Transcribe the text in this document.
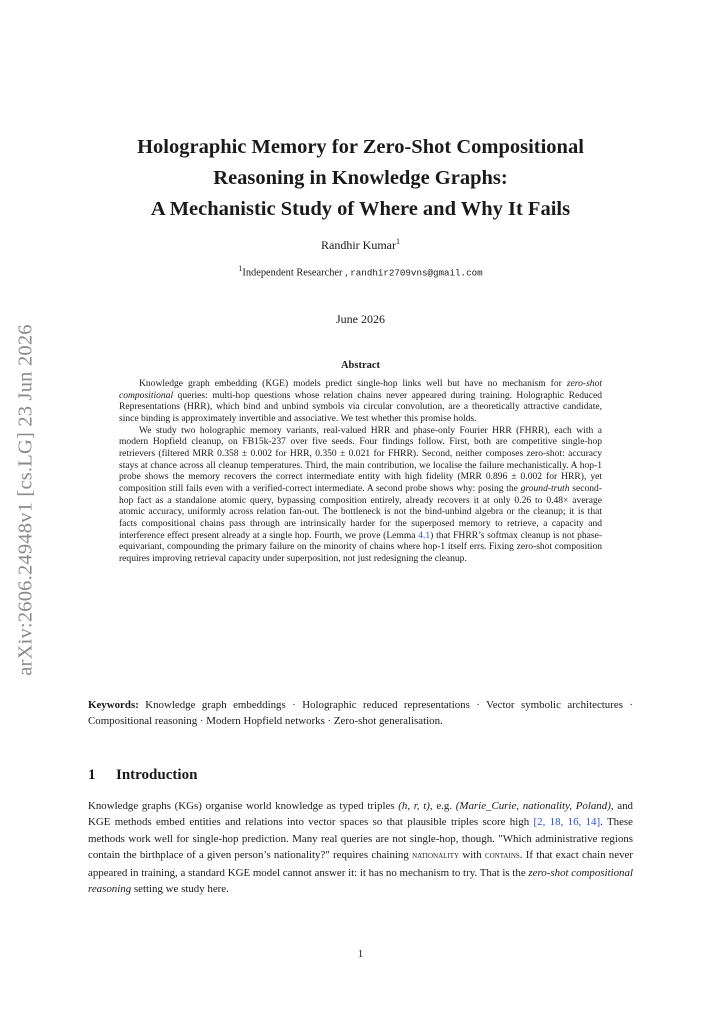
arXiv:2606.24948v1 [cs.LG] 23 Jun 2026
Holographic Memory for Zero-Shot Compositional
Reasoning in Knowledge Graphs:
A Mechanistic Study of Where and Why It Fails
Randhir Kumar$^1$
$^1$Independent Researcher , randhir2709vns@gmail.com
June 2026
Abstract

Knowledge graph embedding (KGE) models predict single-hop links well but have no mechanism for zero-shot compositional queries: multi-hop questions whose relation chains never appeared during training. Holographic Reduced Representations (HRR), which bind and unbind symbols via circular convolution, are a theoretically attractive candidate, since binding is approximately invertible and associative. We test whether this promise holds.

We study two holographic memory variants, real-valued HRR and phase-only Fourier HRR (FHRR), each with a modern Hopfield cleanup, on FB15k-237 over five seeds. Four findings follow. First, both are competitive single-hop retrievers (filtered MRR 0.358 ± 0.002 for HRR, 0.350 ± 0.021 for FHRR). Second, neither composes zero-shot: accuracy stays at chance across all cleanup temperatures. Third, the main contribution, we localise the failure mechanistically. A hop-1 probe shows the memory recovers the correct intermediate entity with high fidelity (MRR 0.896 ± 0.002 for HRR), yet composition still fails even with a verified-correct intermediate. A second probe shows why: posing the ground-truth second-hop fact as a standalone atomic query, bypassing composition entirely, already recovers it at only 0.26 to 0.48× average atomic accuracy, uniformly across relation fan-out. The bottleneck is not the bind-unbind algebra or the cleanup; it is that facts compositional chains pass through are intrinsically harder for the superposed memory to retrieve, a capacity and interference effect present already at a single hop. Fourth, we prove (Lemma 4.1) that FHRR’s softmax cleanup is not phase-equivariant, compounding the primary failure on the minority of chains where hop-1 itself errs. Fixing zero-shot composition requires improving retrieval capacity under superposition, not just redesigning the cleanup.

Keywords: Knowledge graph embeddings · Holographic reduced representations · Vector symbolic architectures · Compositional reasoning · Modern Hopfield networks · Zero-shot generalisation.
1 Introduction

Knowledge graphs (KGs) organise world knowledge as typed triples (h, r, t), e.g. (Marie_Curie, nationality, Poland), and KGE methods embed entities and relations into vector spaces so that plausible triples score high [2, 18, 16, 14]. These methods work well for single-hop prediction. Many real queries are not single-hop, though. "Which administrative regions contain the birthplace of a given person’s nationality?" requires chaining nationality with contains. If that exact chain never appeared in training, a standard KGE model cannot answer it: it has no mechanism to try. That is the zero-shot compositional reasoning setting we study here.

1
